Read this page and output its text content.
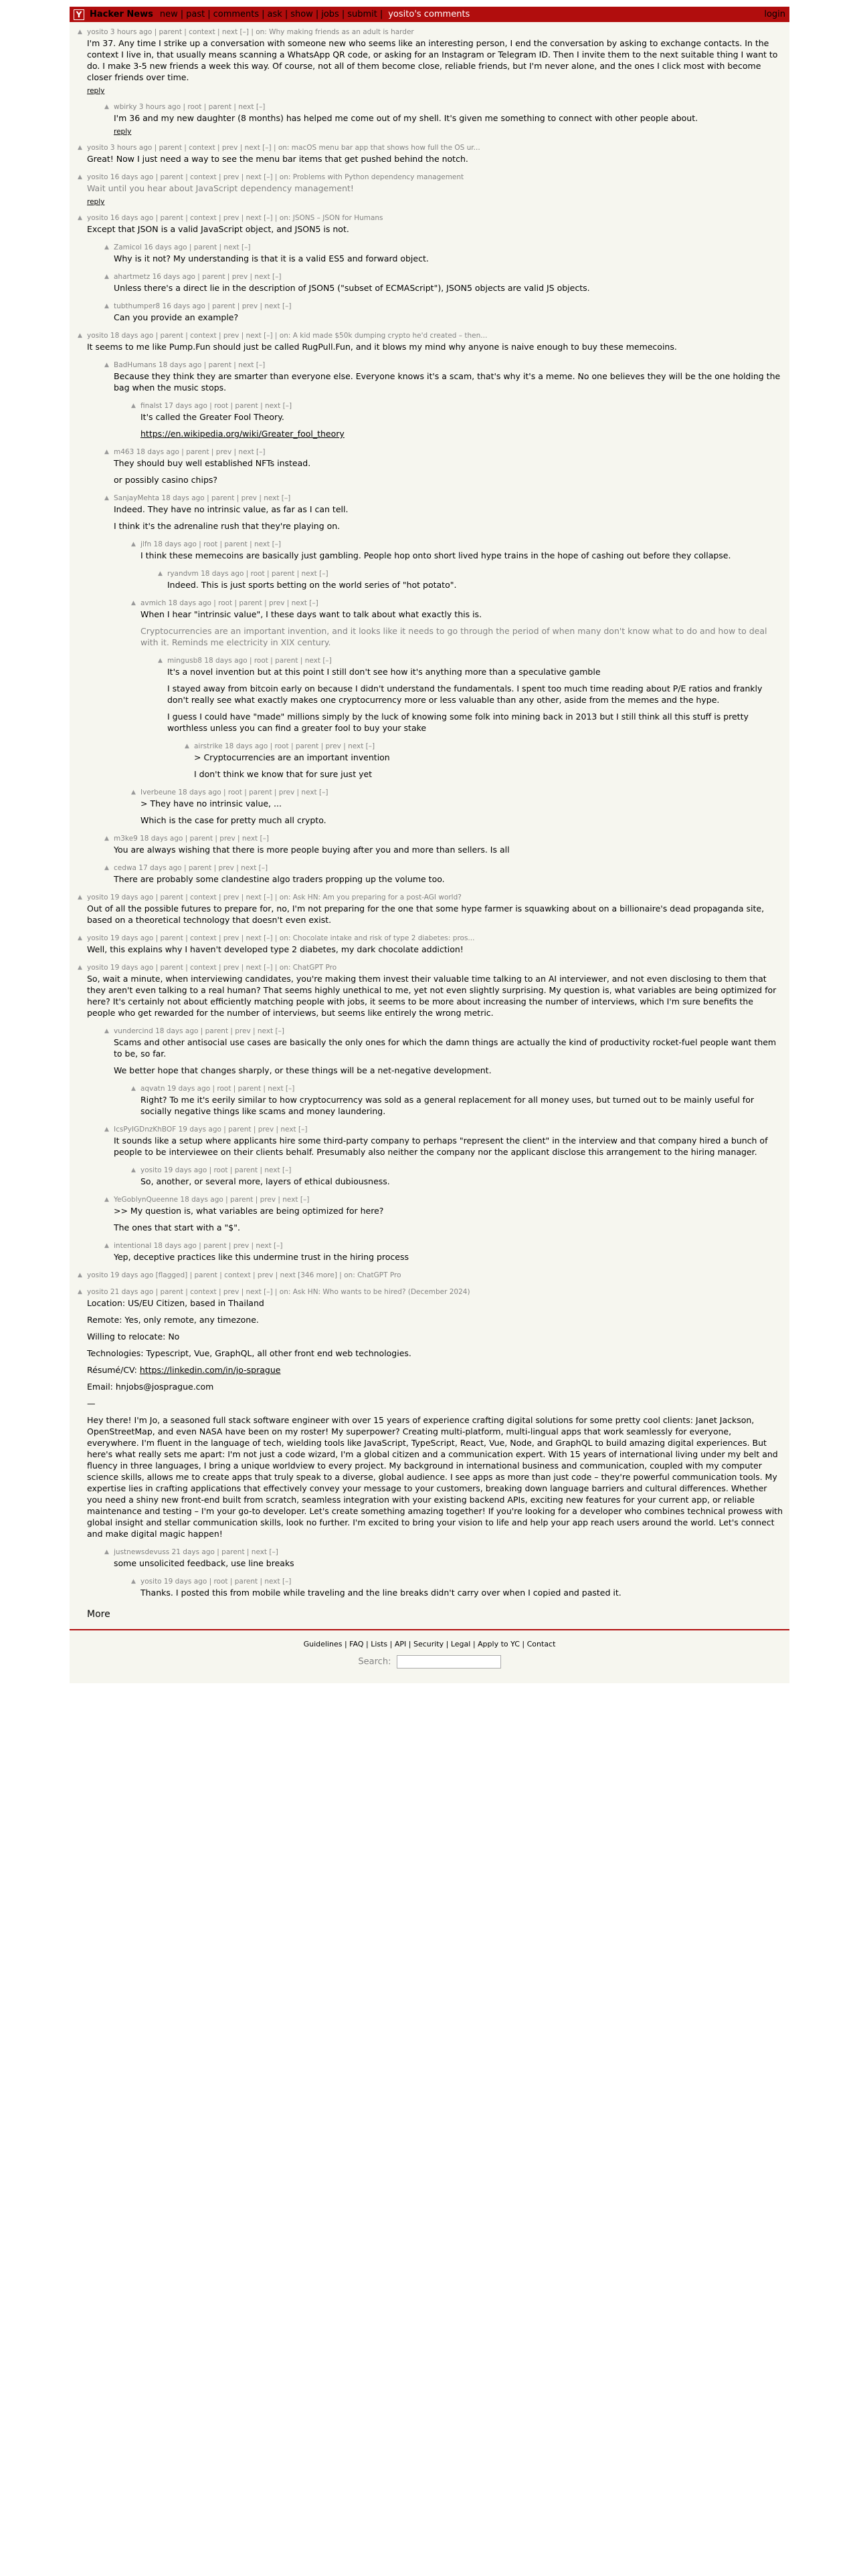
Y Hacker News new | past | comments | ask | show | jobs | submit | yosito's comments	login
▲ yosito 3 hours ago | parent | context | next [–] | on: Why making friends as an adult is harder

I'm 37. Any time I strike up a conversation with someone new who seems like an interesting person, I end the conversation by asking to exchange contacts. In the context I live in, that usually means scanning a WhatsApp QR code, or asking for an Instagram or Telegram ID. Then I invite them to the next suitable thing I want to do. I make 3-5 new friends a week this way. Of course, not all of them become close, reliable friends, but I'm never alone, and the ones I click most with become closer friends over time.

reply
▲ wbirky 3 hours ago | root | parent | next [–]

I'm 36 and my new daughter (8 months) has helped me come out of my shell. It's given me something to connect with other people about.

reply
▲ yosito 3 hours ago | parent | context | prev | next [–] | on: macOS menu bar app that shows how full the OS ur...

Great! Now I just need a way to see the menu bar items that get pushed behind the notch.

▲ yosito 16 days ago | parent | context | prev | next [–] | on: Problems with Python dependency management

Wait until you hear about JavaScript dependency management!

reply
▲ yosito 16 days ago | parent | context | prev | next [–] | on: JSONS – JSON for Humans

Except that JSON is a valid JavaScript object, and JSON5 is not.

▲ Zamicol 16 days ago | parent | next [–]

Why is it not? My understanding is that it is a valid ES5 and forward object.

▲ ahartmetz 16 days ago | parent | prev | next [–]

Unless there's a direct lie in the description of JSON5 ("subset of ECMAScript"), JSON5 objects are valid JS objects.

▲ tubthumper8 16 days ago | parent | prev | next [–]

Can you provide an example?

▲ yosito 18 days ago | parent | context | prev | next [–] | on: A kid made $50k dumping crypto he'd created – then...

It seems to me like Pump.Fun should just be called RugPull.Fun, and it blows my mind why anyone is naive enough to buy these memecoins.

▲ BadHumans 18 days ago | parent | next [–]

Because they think they are smarter than everyone else. Everyone knows it's a scam, that's why it's a meme. No one believes they will be the one holding the bag when the music stops.

▲ finalst 17 days ago | root | parent | next [–]

It's called the Greater Fool Theory.

https://en.wikipedia.org/wiki/Greater_fool_theory

▲ m463 18 days ago | parent | prev | next [–]

They should buy well established NFTs instead.

or possibly casino chips?

▲ SanjayMehta 18 days ago | parent | prev | next [–]

Indeed. They have no intrinsic value, as far as I can tell.

I think it's the adrenaline rush that they're playing on.

▲ jlfn 18 days ago | root | parent | next [–]

I think these memecoins are basically just gambling. People hop onto short lived hype trains in the hope of cashing out before they collapse.

▲ ryandvm 18 days ago | root | parent | next [–]

Indeed. This is just sports betting on the world series of "hot potato".

▲ avmich 18 days ago | root | parent | prev | next [–]

When I hear "intrinsic value", I these days want to talk about what exactly this is.

Cryptocurrencies are an important invention, and it looks like it needs to go through the period of when many don't know what to do and how to deal with it. Reminds me electricity in XIX century.

▲ mingusb8 18 days ago | root | parent | next [–]

It's a novel invention but at this point I still don't see how it's anything more than a speculative gamble

I stayed away from bitcoin early on because I didn't understand the fundamentals. I spent too much time reading about P/E ratios and frankly don't really see what exactly makes one cryptocurrency more or less valuable than any other, aside from the memes and the hype.

I guess I could have "made" millions simply by the luck of knowing some folk into mining back in 2013 but I still think all this stuff is pretty worthless unless you can find a greater fool to buy your stake

▲ airstrike 18 days ago | root | parent | prev | next [–]

> Cryptocurrencies are an important invention

I don't think we know that for sure just yet

▲ Iverbeune 18 days ago | root | parent | prev | next [–]

> They have no intrinsic value, ...

Which is the case for pretty much all crypto.

▲ m3ke9 18 days ago | parent | prev | next [–]

You are always wishing that there is more people buying after you and more than sellers. Is all

▲ cedwa 17 days ago | parent | prev | next [–]

There are probably some clandestine algo traders propping up the volume too.

▲ yosito 19 days ago | parent | context | prev | next [–] | on: Ask HN: Am you preparing for a post-AGI world?

Out of all the possible futures to prepare for, no, I'm not preparing for the one that some hype farmer is squawking about on a billionaire's dead propaganda site, based on a theoretical technology that doesn't even exist.

▲ yosito 19 days ago | parent | context | prev | next [–] | on: Chocolate intake and risk of type 2 diabetes: pros...

Well, this explains why I haven't developed type 2 diabetes, my dark chocolate addiction!

▲ yosito 19 days ago | parent | context | prev | next [–] | on: ChatGPT Pro

So, wait a minute, when interviewing candidates, you're making them invest their valuable time talking to an AI interviewer, and not even disclosing to them that they aren't even talking to a real human? That seems highly unethical to me, yet not even slightly surprising. My question is, what variables are being optimized for here? It's certainly not about efficiently matching people with jobs, it seems to be more about increasing the number of interviews, which I'm sure benefits the people who get rewarded for the number of interviews, but seems like entirely the wrong metric.

▲ vundercind 18 days ago | parent | prev | next [–]

Scams and other antisocial use cases are basically the only ones for which the damn things are actually the kind of productivity rocket-fuel people want them to be, so far.

We better hope that changes sharply, or these things will be a net-negative development.

▲ aqvatn 19 days ago | root | parent | next [–]

Right? To me it's eerily similar to how cryptocurrency was sold as a general replacement for all money uses, but turned out to be mainly useful for socially negative things like scams and money laundering.

▲ IcsPyIGDnzKhBOF 19 days ago | parent | prev | next [–]

It sounds like a setup where applicants hire some third-party company to perhaps "represent the client" in the interview and that company hired a bunch of people to be interviewee on their clients behalf. Presumably also neither the company nor the applicant disclose this arrangement to the hiring manager.

▲ yosito 19 days ago | root | parent | next [–]

So, another, or several more, layers of ethical dubiousness.

▲ YeGoblynQueenne 18 days ago | parent | prev | next [–]

>> My question is, what variables are being optimized for here?

The ones that start with a "$".

▲ intentional 18 days ago | parent | prev | next [–]

Yep, deceptive practices like this undermine trust in the hiring process

▲ yosito 19 days ago [flagged] | parent | context | prev | next [346 more] | on: ChatGPT Pro
▲ yosito 21 days ago | parent | context | prev | next [–] | on: Ask HN: Who wants to be hired? (December 2024)

Location: US/EU Citizen, based in Thailand

Remote: Yes, only remote, any timezone.

Willing to relocate: No

Technologies: Typescript, Vue, GraphQL, all other front end web technologies.

Résumé/CV: https://linkedin.com/in/jo-sprague

Email: hnjobs@josprague.com

—

Hey there! I'm Jo, a seasoned full stack software engineer with over 15 years of experience crafting digital solutions for some pretty cool clients: Janet Jackson, OpenStreetMap, and even NASA have been on my roster! My superpower? Creating multi-platform, multi-lingual apps that work seamlessly for everyone, everywhere. I'm fluent in the language of tech, wielding tools like JavaScript, TypeScript, React, Vue, Node, and GraphQL to build amazing digital experiences. But here's what really sets me apart: I'm not just a code wizard, I'm a global citizen and a communication expert. With 15 years of international living under my belt and fluency in three languages, I bring a unique worldview to every project. My background in international business and communication, coupled with my computer science skills, allows me to create apps that truly speak to a diverse, global audience. I see apps as more than just code – they're powerful communication tools. My expertise lies in crafting applications that effectively convey your message to your customers, breaking down language barriers and cultural differences. Whether you need a shiny new front-end built from scratch, seamless integration with your existing backend APIs, exciting new features for your current app, or reliable maintenance and testing – I'm your go-to developer. Let's create something amazing together! If you're looking for a developer who combines technical prowess with global insight and stellar communication skills, look no further. I'm excited to bring your vision to life and help your app reach users around the world. Let's connect and make digital magic happen!

▲ justnewsdevuss 21 days ago | parent | next [–]

some unsolicited feedback, use line breaks

▲ yosito 19 days ago | root | parent | next [–]

Thanks. I posted this from mobile while traveling and the line breaks didn't carry over when I copied and pasted it.

More
Guidelines | FAQ | Lists | API | Security | Legal | Apply to YC | Contact
Search:
